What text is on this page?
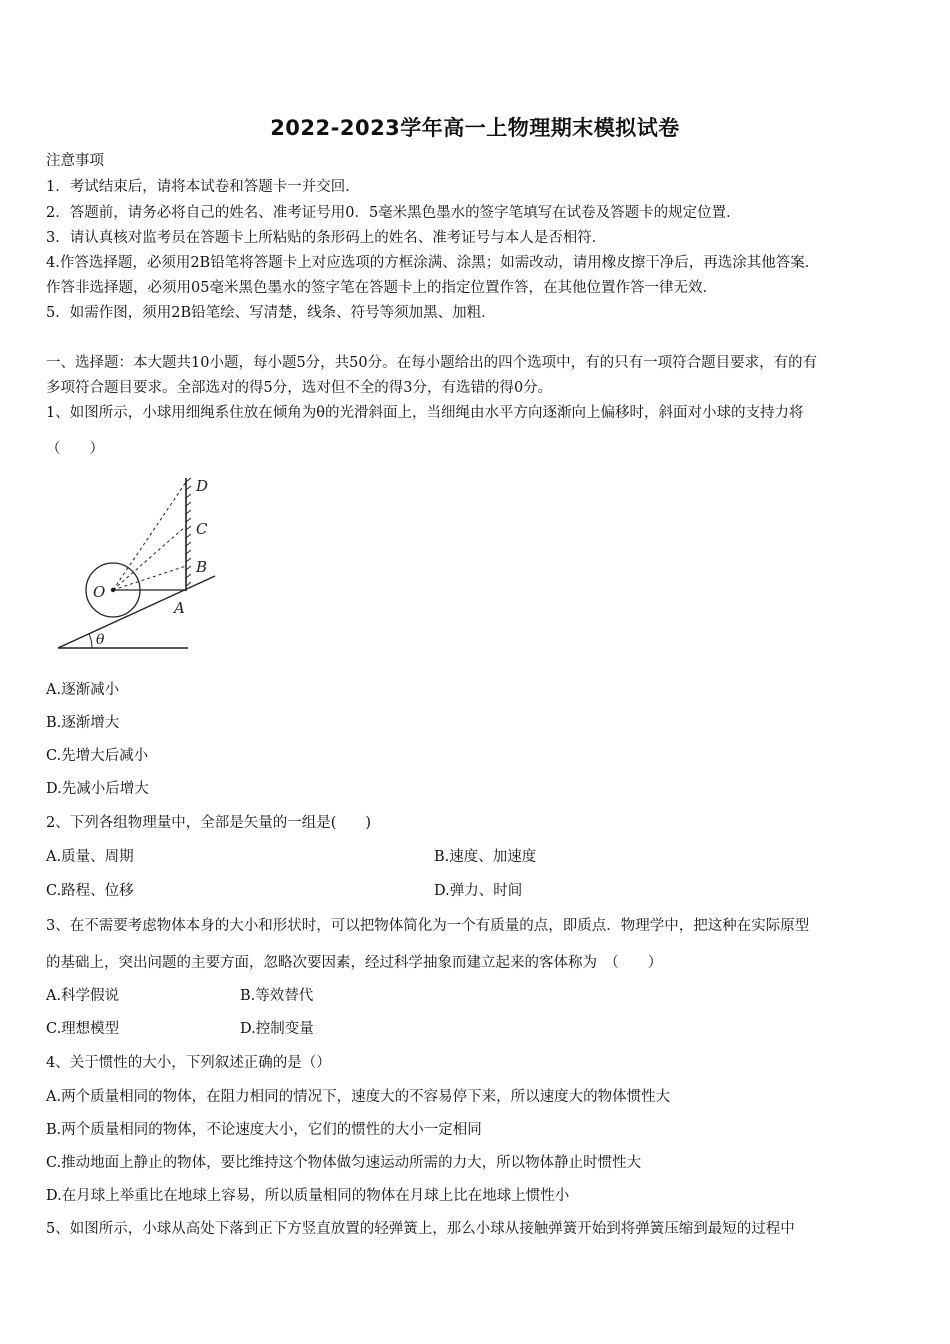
2022-2023学年高一上物理期末模拟试卷
注意事项
1．考试结束后，请将本试卷和答题卡一并交回．
2．答题前，请务必将自己的姓名、准考证号用0．5毫米黑色墨水的签字笔填写在试卷及答题卡的规定位置．
3．请认真核对监考员在答题卡上所粘贴的条形码上的姓名、准考证号与本人是否相符．
4.作答选择题，必须用2B铅笔将答题卡上对应选项的方框涂满、涂黑；如需改动，请用橡皮擦干净后，再选涂其他答案．
作答非选择题，必须用05毫米黑色墨水的签字笔在答题卡上的指定位置作答，在其他位置作答一律无效．
5．如需作图，须用2B铅笔绘、写清楚，线条、符号等须加黑、加粗．
一、选择题：本大题共10小题，每小题5分，共50分。在每小题给出的四个选项中，有的只有一项符合题目要求，有的有
多项符合题目要求。全部选对的得5分，选对但不全的得3分，有选错的得0分。
1、如图所示，小球用细绳系住放在倾角为θ的光滑斜面上，当细绳由水平方向逐渐向上偏移时，斜面对小球的支持力将
（　　）
D
C
B
O
A
θ
A.逐渐减小
B.逐渐增大
C.先增大后减小
D.先减小后增大
2、下列各组物理量中，全部是矢量的一组是(　　)
A.质量、周期	B.速度、加速度
C.路程、位移	D.弹力、时间
3、在不需要考虑物体本身的大小和形状时，可以把物体简化为一个有质量的点，即质点．物理学中，把这种在实际原型
的基础上，突出问题的主要方面，忽略次要因素，经过科学抽象而建立起来的客体称为　（　　）
A.科学假说	B.等效替代
C.理想模型	D.控制变量
4、关于惯性的大小，下列叙述正确的是（）
A.两个质量相同的物体，在阻力相同的情况下，速度大的不容易停下来，所以速度大的物体惯性大
B.两个质量相同的物体，不论速度大小，它们的惯性的大小一定相同
C.推动地面上静止的物体，要比维持这个物体做匀速运动所需的力大，所以物体静止时惯性大
D.在月球上举重比在地球上容易，所以质量相同的物体在月球上比在地球上惯性小
5、如图所示，小球从高处下落到正下方竖直放置的轻弹簧上，那么小球从接触弹簧开始到将弹簧压缩到最短的过程中
